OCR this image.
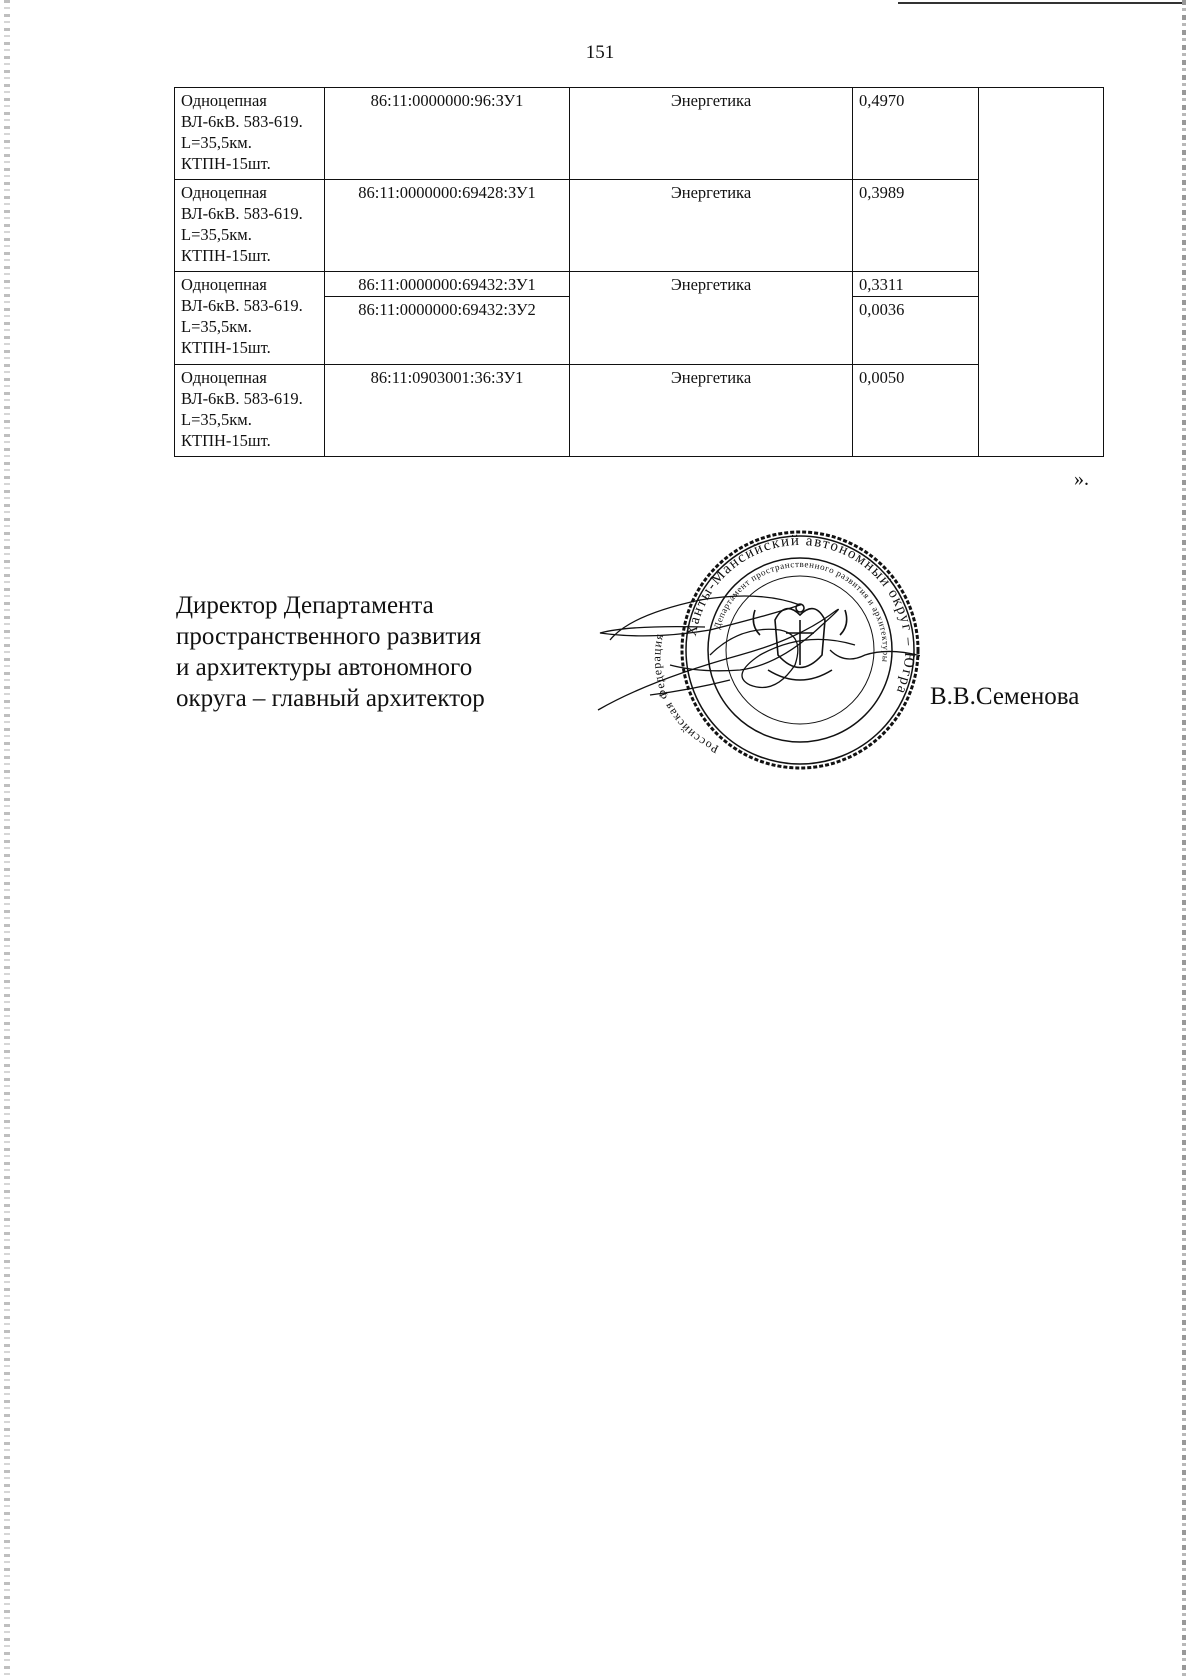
151
Одноцепная ВЛ-6кВ. 583-619. L=35,5км. КТПН-15шт.	86:11:0000000:96:ЗУ1	Энергетика	0,4970	
Одноцепная ВЛ-6кВ. 583-619. L=35,5км. КТПН-15шт.	86:11:0000000:69428:ЗУ1	Энергетика	0,3989	
Одноцепная ВЛ-6кВ. 583-619. L=35,5км. КТПН-15шт.	86:11:0000000:69432:ЗУ1	Энергетика	0,3311	
	86:11:0000000:69432:ЗУ2		0,0036	
Одноцепная ВЛ-6кВ. 583-619. L=35,5км. КТПН-15шт.	86:11:0903001:36:ЗУ1	Энергетика	0,0050	
».
Директор Департамента
пространственного развития
и архитектуры автономного
округа – главный архитектор
Ханты-Мансийский автономный округ – Югра
Департамент пространственного развития и архитектуры
Российская Федерация
В.В.Семенова
